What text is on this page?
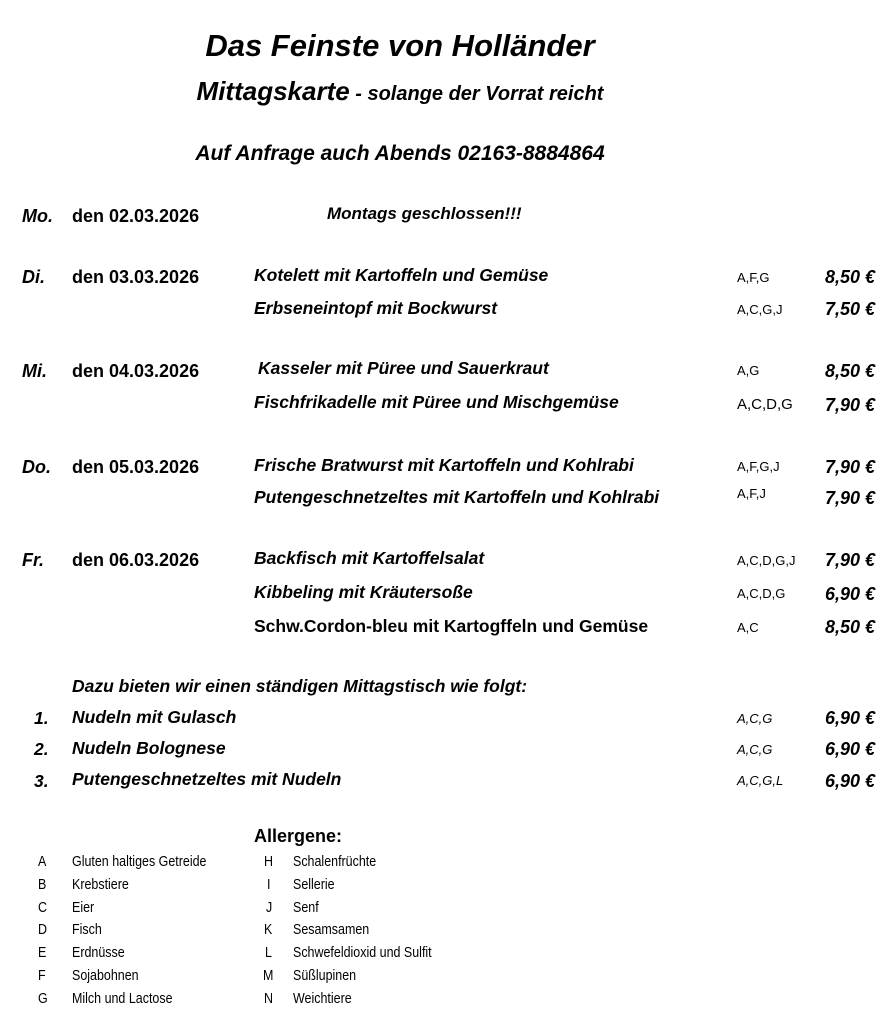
Das Feinste von Holländer
Mittagskarte - solange der Vorrat reicht
Auf Anfrage auch Abends 02163-8884864
Mo. den 02.03.2026	Montags geschlossen!!!
Di. den 03.03.2026	Kotelett mit Kartoffeln und Gemüse	A,F,G	8,50 €
Erbseneintopf mit Bockwurst	A,C,G,J 7,50 €
Mi. den 04.03.2026	Kasseler mit Püree und Sauerkraut	A,G	8,50 €
Fischfrikadelle mit Püree und Mischgemüse	A,C,D,G 7,90 €
Do. den 05.03.2026	Frische Bratwurst mit Kartoffeln und Kohlrabi	A,F,G,J	7,90 €
Putengeschnetzeltes mit Kartoffeln und Kohlrabi	A,F,J	7,90 €
Fr. den 06.03.2026	Backfisch mit Kartoffelsalat	A,C,D,G,J 7,90 €
Kibbeling mit Kräutersoße	A,C,D,G 6,90 €
Schw.Cordon-bleu mit Kartogffeln und Gemüse	A,C	8,50 €
Dazu bieten wir einen ständigen Mittagstisch wie folgt:
1. Nudeln mit Gulasch	A,C,G	6,90 €
2. Nudeln Bolognese	A,C,G	6,90 €
3. Putengeschnetzeltes mit Nudeln	A,C,G,L 6,90 €
Allergene:
A Gluten haltiges Getreide
B Krebstiere
C Eier
D Fisch
E Erdnüsse
F Sojabohnen
G Milch und Lactose
H Schalenfrüchte
I Sellerie
J Senf
K Sesamsamen
L Schwefeldioxid und Sulfit
M Süßlupinen
N Weichtiere
